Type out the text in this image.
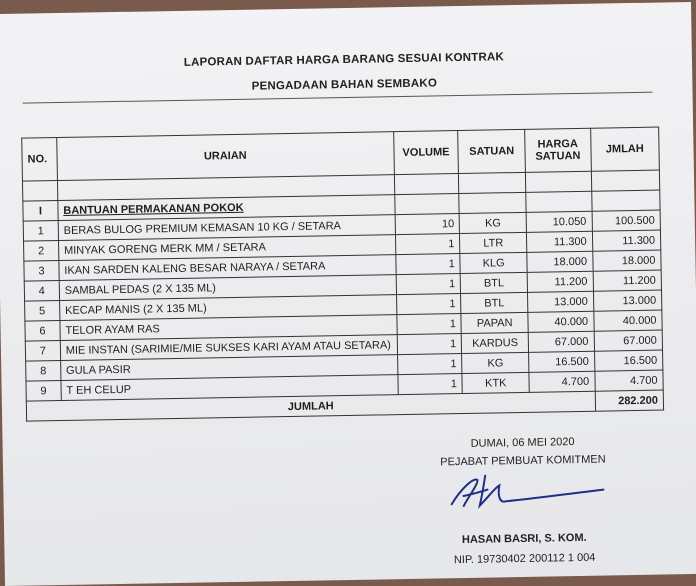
LAPORAN DAFTAR HARGA BARANG SESUAI KONTRAK
PENGADAAN BAHAN SEMBAKO
NO.	URAIAN	VOLUME	SATUAN	HARGA SATUAN	JMLAH

I	BANTUAN PERMAKANAN POKOK				
1	BERAS BULOG PREMIUM KEMASAN 10 KG / SETARA	10	KG	10.050	100.500
2	MINYAK GORENG MERK MM / SETARA	1	LTR	11.300	11.300
3	IKAN SARDEN KALENG BESAR NARAYA / SETARA	1	KLG	18.000	18.000
4	SAMBAL PEDAS (2 X 135 ML)	1	BTL	11.200	11.200
5	KECAP MANIS (2 X 135 ML)	1	BTL	13.000	13.000
6	TELOR AYAM RAS	1	PAPAN	40.000	40.000
7	MIE INSTAN (SARIMIE/MIE SUKSES KARI AYAM ATAU SETARA)	1	KARDUS	67.000	67.000
8	GULA PASIR	1	KG	16.500	16.500
9	T EH CELUP	1	KTK	4.700	4.700
JUMLAH					282.200
DUMAI, 06 MEI 2020
PEJABAT PEMBUAT KOMITMEN
HASAN BASRI, S. KOM.
NIP. 19730402 200112 1 004
